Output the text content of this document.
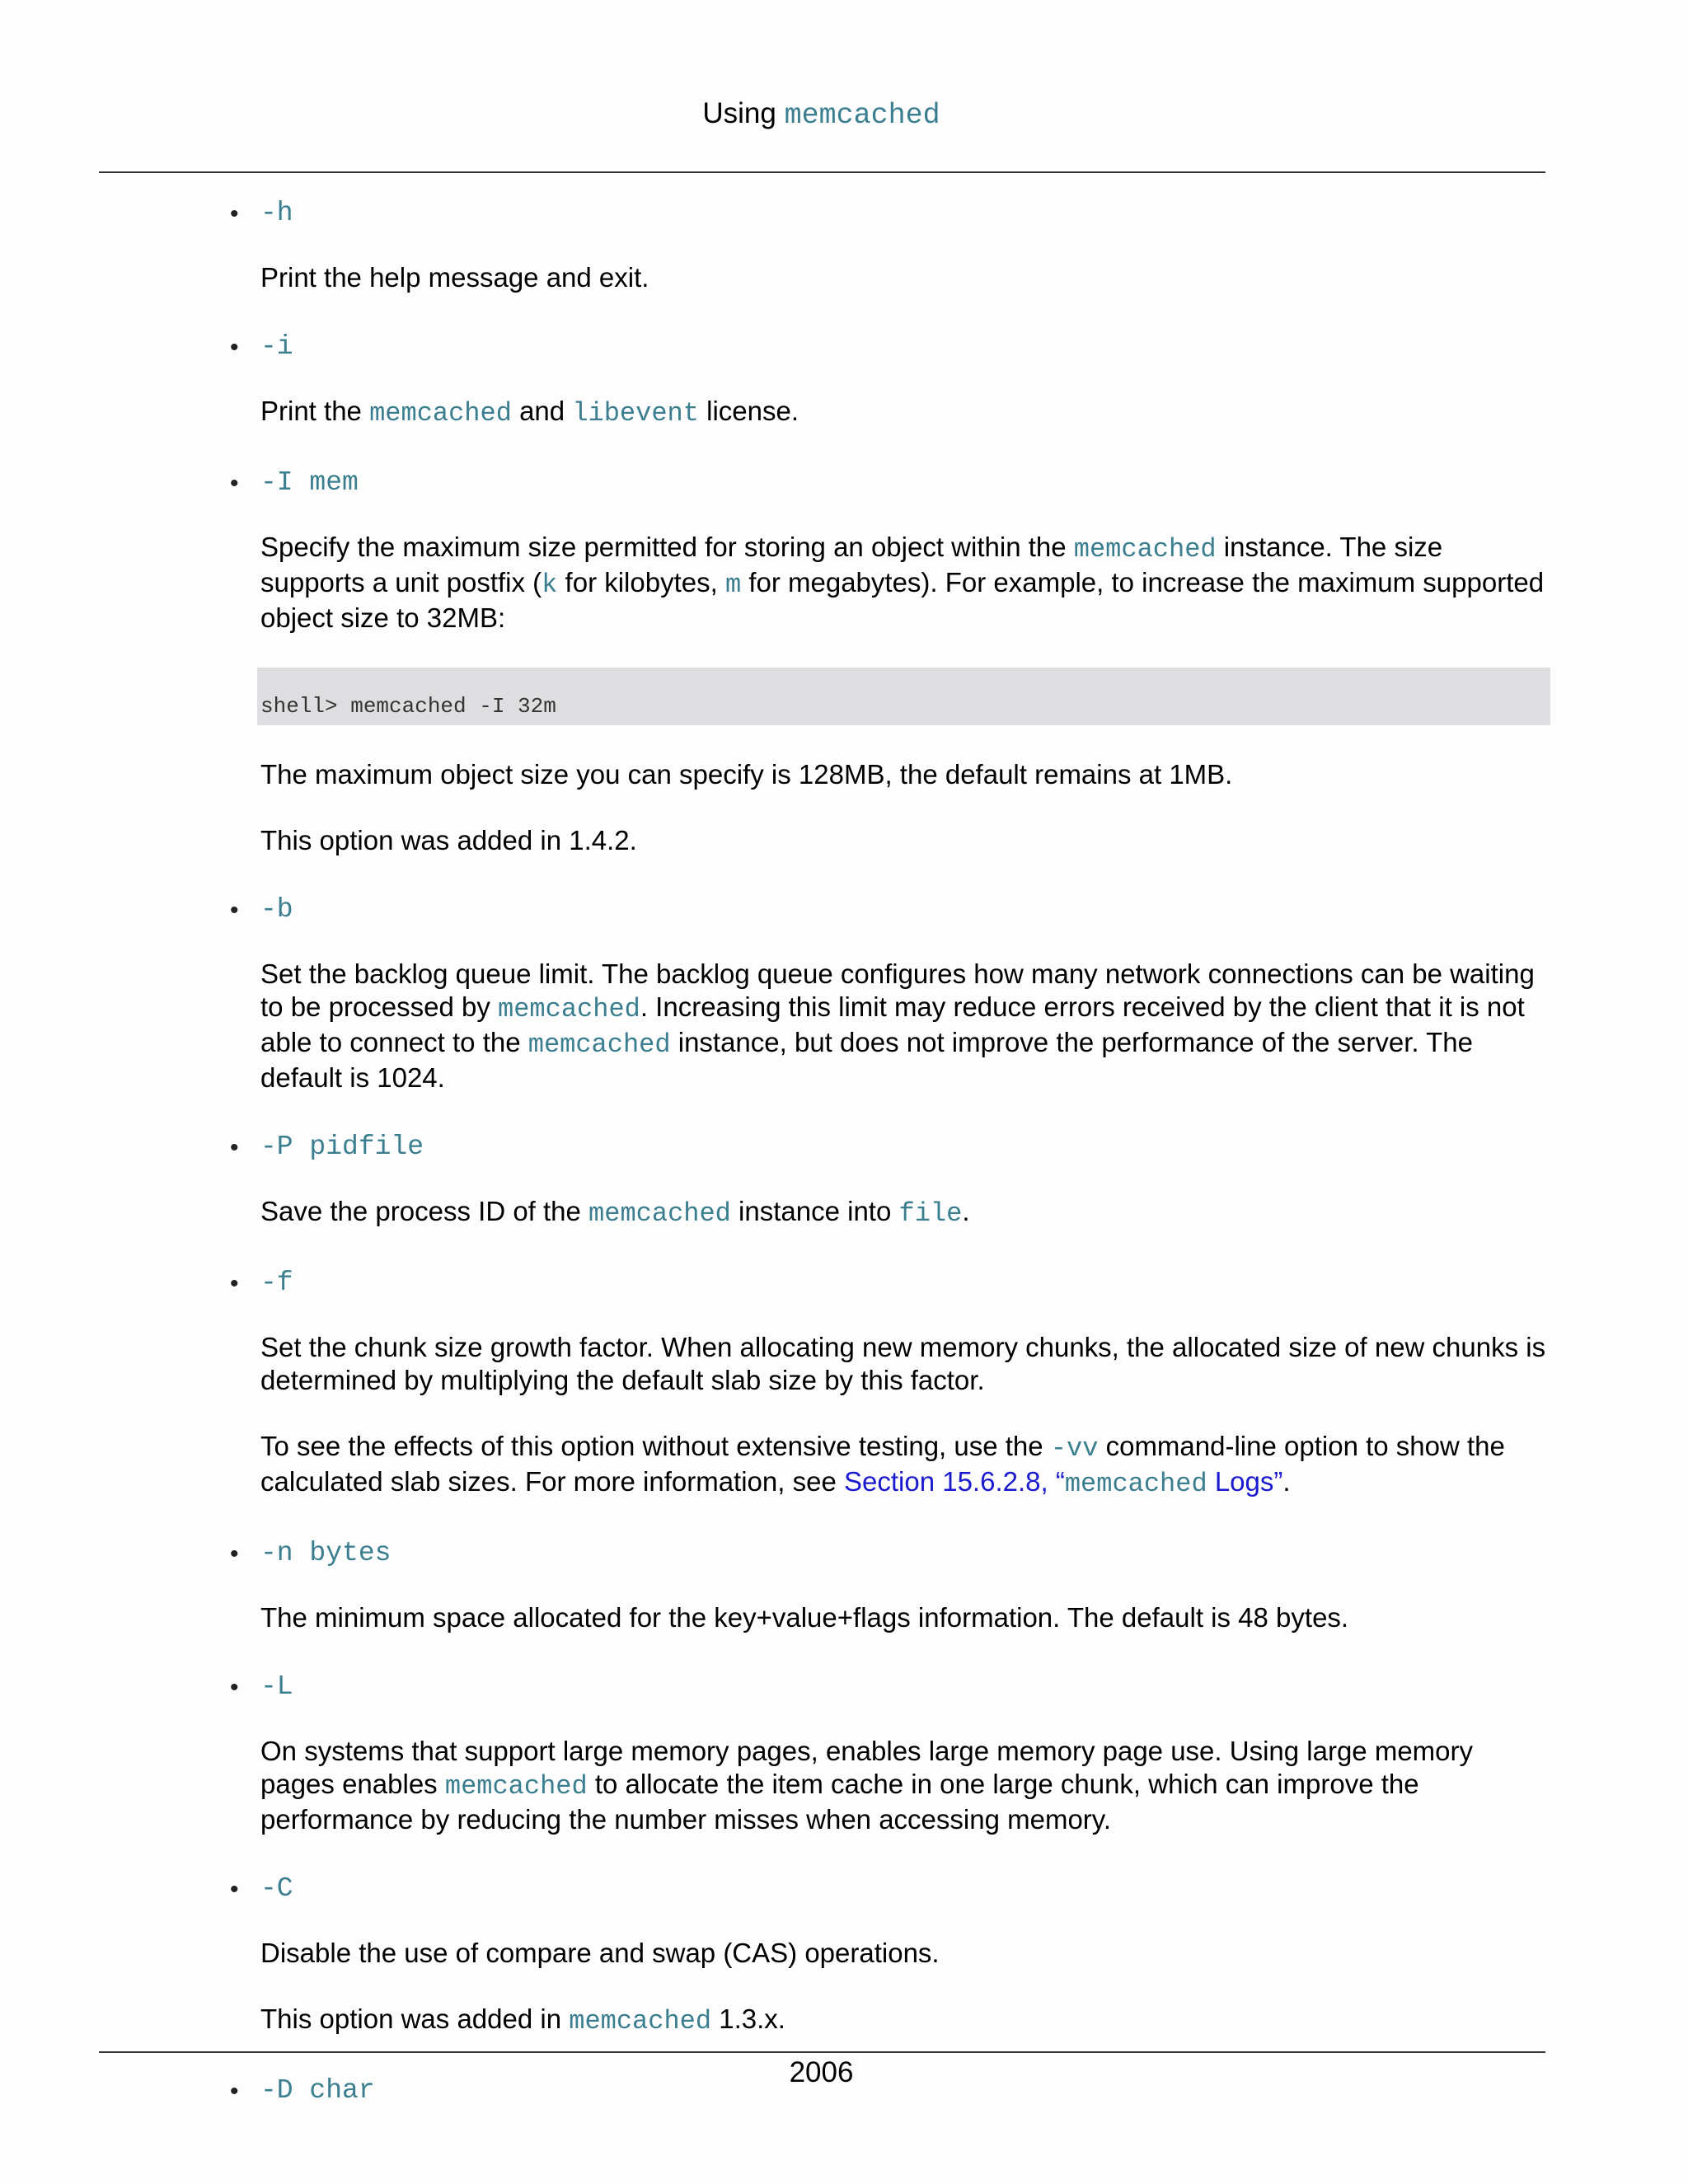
Using memcached
• -h

Print the help message and exit.

• -i

Print the memcached and libevent license.

• -I mem

Specify the maximum size permitted for storing an object within the memcached instance. The size supports a unit postfix (k for kilobytes, m for megabytes). For example, to increase the maximum supported object size to 32MB:

shell> memcached -I 32m

The maximum object size you can specify is 128MB, the default remains at 1MB.

This option was added in 1.4.2.

• -b

Set the backlog queue limit. The backlog queue configures how many network connections can be waiting to be processed by memcached. Increasing this limit may reduce errors received by the client that it is not able to connect to the memcached instance, but does not improve the performance of the server. The default is 1024.

• -P pidfile

Save the process ID of the memcached instance into file.

• -f

Set the chunk size growth factor. When allocating new memory chunks, the allocated size of new chunks is determined by multiplying the default slab size by this factor.

To see the effects of this option without extensive testing, use the -vv command-line option to show the calculated slab sizes. For more information, see Section 15.6.2.8, “memcached Logs”.

• -n bytes

The minimum space allocated for the key+value+flags information. The default is 48 bytes.

• -L

On systems that support large memory pages, enables large memory page use. Using large memory pages enables memcached to allocate the item cache in one large chunk, which can improve the performance by reducing the number misses when accessing memory.

• -C

Disable the use of compare and swap (CAS) operations.

This option was added in memcached 1.3.x.

• -D char
2006
